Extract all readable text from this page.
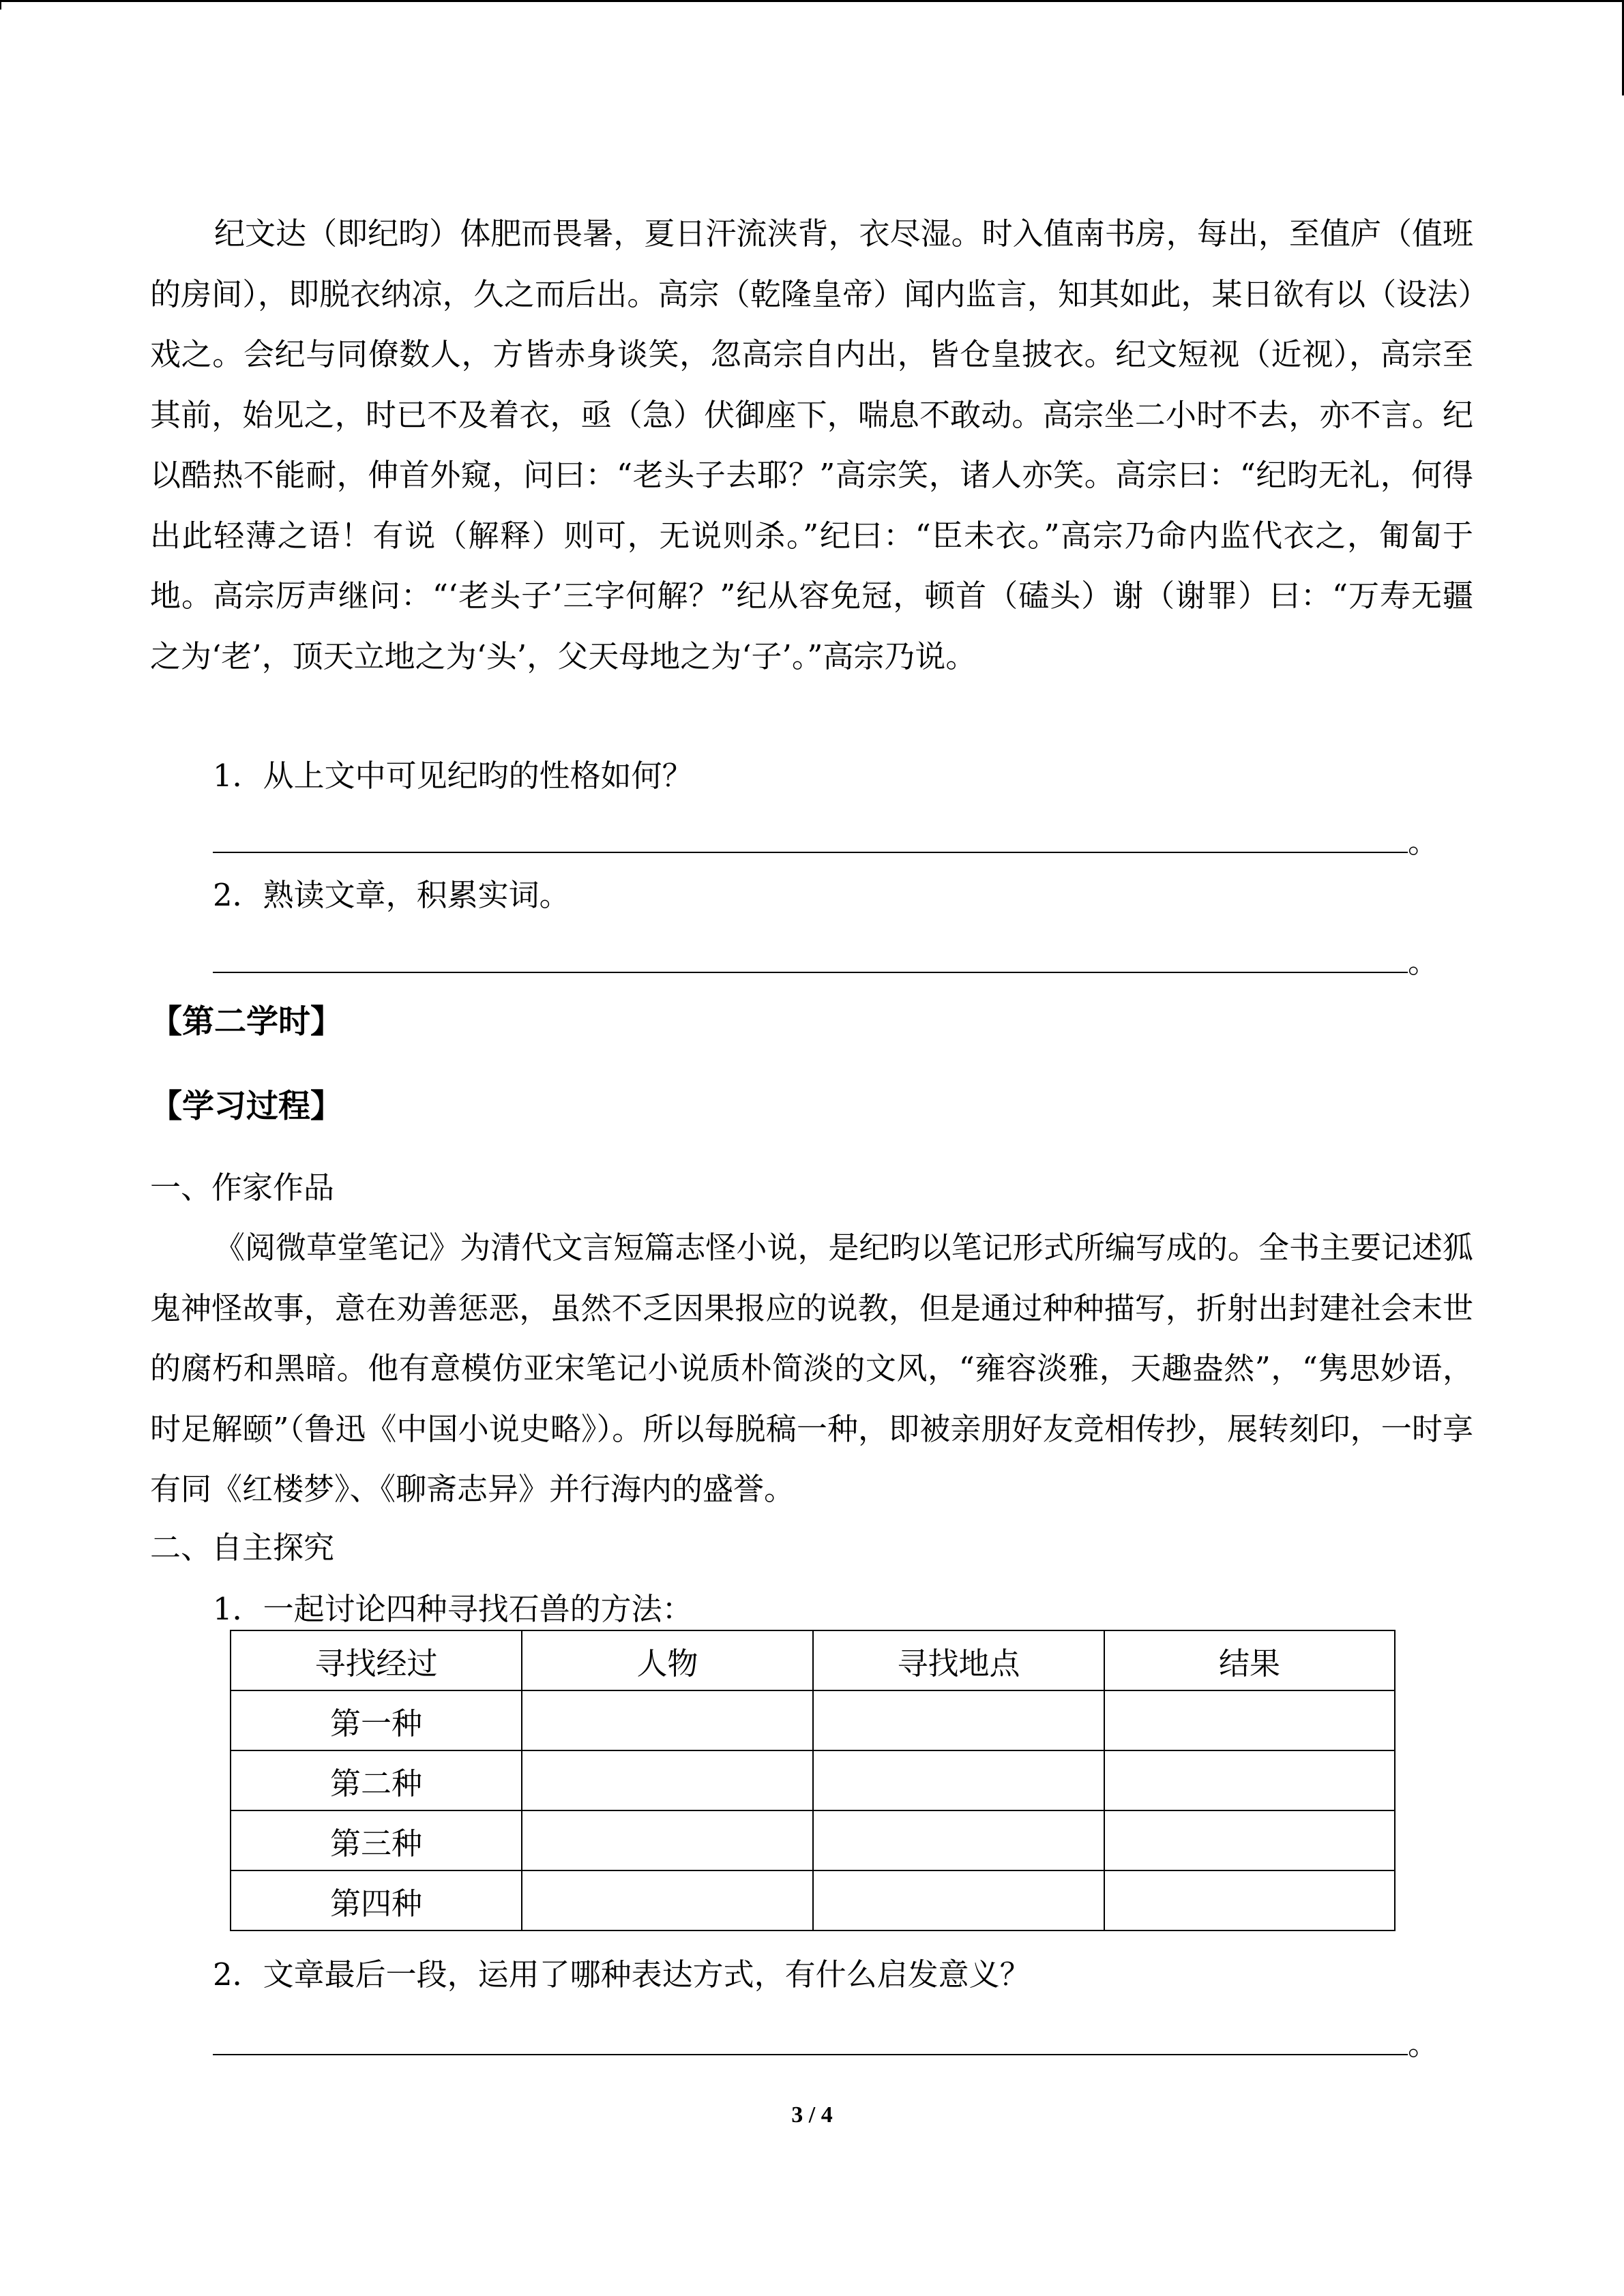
纪文达（即纪昀）体肥而畏暑，夏日汗流浃背，衣尽湿。时入值南书房，每出，至值庐（值班的房间），即脱衣纳凉，久之而后出。高宗（乾隆皇帝）闻内监言，知其如此，某日欲有以（设法）戏之。会纪与同僚数人，方皆赤身谈笑，忽高宗自内出，皆仓皇披衣。纪文短视（近视），高宗至其前，始见之，时已不及着衣，亟（急）伏御座下，喘息不敢动。高宗坐二小时不去，亦不言。纪以酷热不能耐，伸首外窥，问曰：“老头子去耶？”高宗笑，诸人亦笑。高宗曰：“纪昀无礼，何得出此轻薄之语！有说（解释）则可，无说则杀。”纪曰：“臣未衣。”高宗乃命内监代衣之，匍匐于地。高宗厉声继问：“‘老头子’三字何解？”纪从容免冠，顿首（磕头）谢（谢罪）曰：“万寿无疆之为‘老’，顶天立地之为‘头’，父天母地之为‘子’。”高宗乃说。

1．从上文中可见纪昀的性格如何？
。
2．熟读文章，积累实词。
。
【第二学时】
【学习过程】
一、作家作品

《阅微草堂笔记》为清代文言短篇志怪小说，是纪昀以笔记形式所编写成的。全书主要记述狐鬼神怪故事，意在劝善惩恶，虽然不乏因果报应的说教，但是通过种种描写，折射出封建社会末世的腐朽和黑暗。他有意模仿亚宋笔记小说质朴简淡的文风，“雍容淡雅，天趣盎然”，“隽思妙语，时足解颐”（鲁迅《中国小说史略》）。所以每脱稿一种，即被亲朋好友竞相传抄，展转刻印，一时享有同《红楼梦》、《聊斋志异》并行海内的盛誉。

二、自主探究
1．一起讨论四种寻找石兽的方法：
寻找经过	人物	寻找地点	结果
第一种			
第二种			
第三种			
第四种			
2．文章最后一段，运用了哪种表达方式，有什么启发意义？
。
3 / 4
